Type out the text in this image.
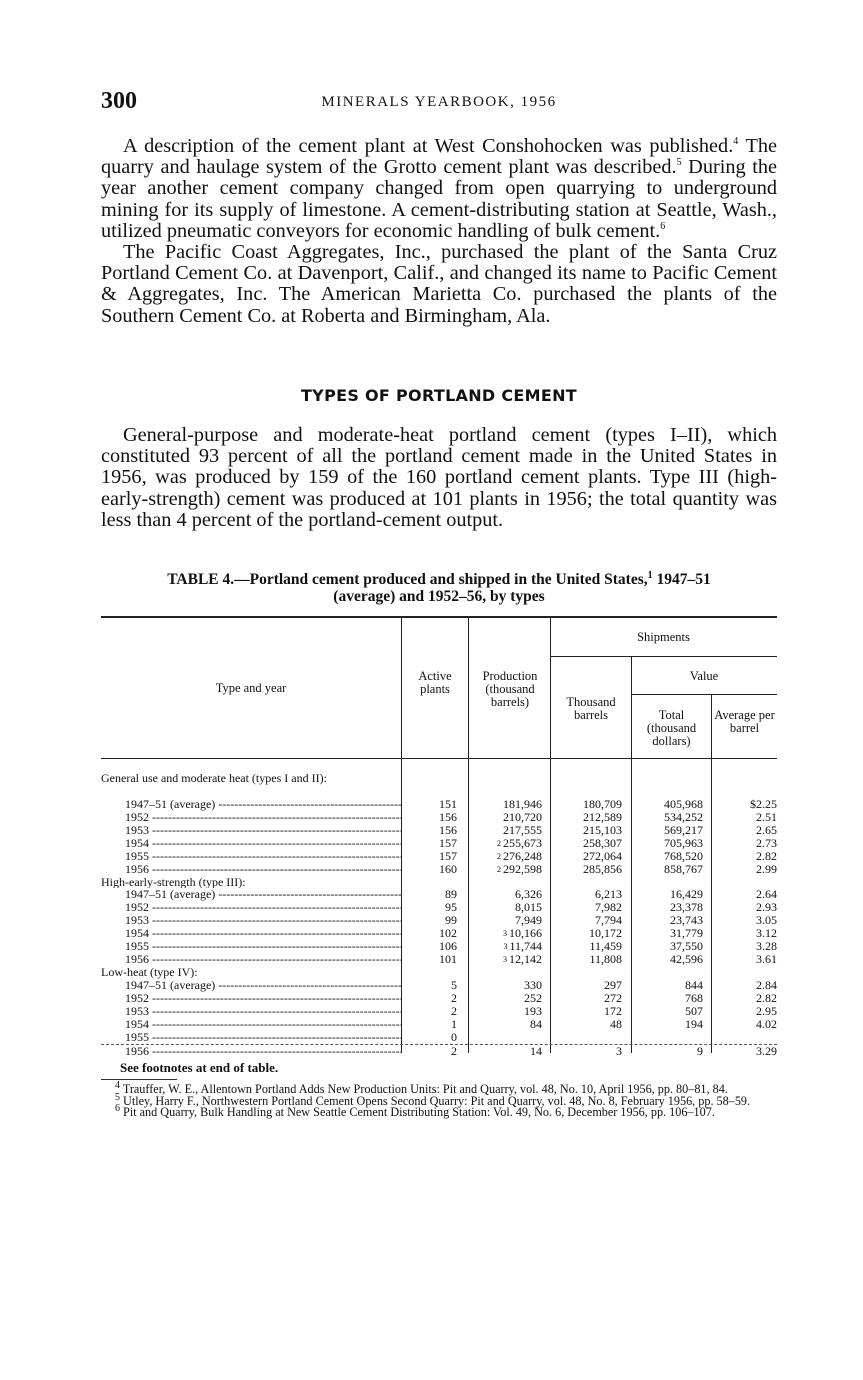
300	MINERALS YEARBOOK, 1956

A description of the cement plant at West Conshohocken was published.$^4$ The quarry and haulage system of the Grotto cement plant was described.$^5$ During the year another cement company changed from open quarrying to underground mining for its supply of limestone. A cement-distributing station at Seattle, Wash., utilized pneumatic conveyors for economic handling of bulk cement.$^6$

The Pacific Coast Aggregates, Inc., purchased the plant of the Santa Cruz Portland Cement Co. at Davenport, Calif., and changed its name to Pacific Cement & Aggregates, Inc. The American Marietta Co. purchased the plants of the Southern Cement Co. at Roberta and Birmingham, Ala.

TYPES OF PORTLAND CEMENT

General-purpose and moderate-heat portland cement (types I–II), which constituted 93 percent of all the portland cement made in the United States in 1956, was produced by 159 of the 160 portland cement plants. Type III (high-early-strength) cement was produced at 101 plants in 1956; the total quantity was less than 4 percent of the portland-cement output.

TABLE 4.—Portland cement produced and shipped in the United States,$^1$ 1947–51
(average) and 1952–56, by types
Type and year
Active plants
Production (thousand barrels)
Shipments
Value
Thousand barrels	Total (thousand dollars)
Average per barrel
General use and moderate heat (types I and II):
1947–51 (average) -----	151	181,946	180,709	405,968	$2.25
1952 -----	156	210,720	212,589	534,252	2.51
1953 -----	156	217,555	215,103	569,217	2.65
1954 -----	157	$^2$ 255,673	258,307	705,963	2.73
1955 -----	157	$^2$ 276,248	272,064	768,520	2.82
1956 -----	160	$^2$ 292,598	285,856	858,767	2.99
High-early-strength (type III):
1947–51 (average) -----	89	6,326	6,213	16,429	2.64
1952 -----	95	8,015	7,982	23,378	2.93
1953 -----	99	7,949	7,794	23,743	3.05
1954 -----	102	$^3$ 10,166	10,172	31,779	3.12
1955 -----	106	$^3$ 11,744	11,459	37,550	3.28
1956 -----	101	$^3$ 12,142	11,808	42,596	3.61
Low-heat (type IV):
1947–51 (average) -----	5	330	297	844	2.84
1952 -----	2	252	272	768	2.82
1953 -----	2	193	172	507	2.95
1954 -----	1	84	48	194	4.02
1955 -----	0
1956 -----	2	14	3	9	3.29
See footnotes at end of table.

$^4$ Trauffer, W. E., Allentown Portland Adds New Production Units: Pit and Quarry, vol. 48, No. 10, April 1956, pp. 80–81, 84.

$^5$ Utley, Harry F., Northwestern Portland Cement Opens Second Quarry: Pit and Quarry, vol. 48, No. 8, February 1956, pp. 58–59.

$^6$ Pit and Quarry, Bulk Handling at New Seattle Cement Distributing Station: Vol. 49, No. 6, December 1956, pp. 106–107.
